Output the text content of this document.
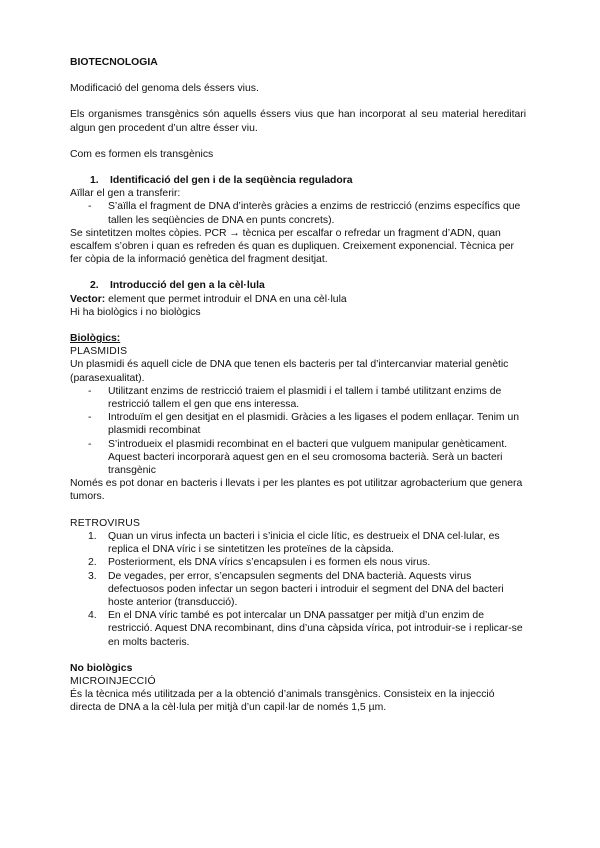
BIOTECNOLOGIA

Modificació del genoma dels éssers vius.

Els organismes transgènics són aquells éssers vius que han incorporat al seu material hereditari algun gen procedent d’un altre ésser viu.

Com es formen els transgènics

1.	Identificació del gen i de la seqüència reguladora

Aïllar el gen a transferir:

-	S’aïlla el fragment de DNA d’interès gràcies a enzims de restricció (enzims específics que tallen les seqüències de DNA en punts concrets).

Se sintetitzen moltes còpies. PCR → tècnica per escalfar o refredar un fragment d’ADN, quan escalfem s’obren i quan es refreden és quan es dupliquen. Creixement exponencial. Tècnica per fer còpia de la informació genètica del fragment desitjat.

2.	Introducció del gen a la cèl·lula

Vector: element que permet introduir el DNA en una cèl·lula

Hi ha biològics i no biològics

Biològics:

PLASMIDIS

Un plasmidi és aquell cicle de DNA que tenen els bacteris per tal d’intercanviar material genètic (parasexualitat).

-	Utilitzant enzims de restricció traiem el plasmidi i el tallem i també utilitzant enzims de restricció tallem el gen que ens interessa.
-	Introduïm el gen desitjat en el plasmidi. Gràcies a les ligases el podem enllaçar. Tenim un plasmidi recombinat
-	S’introdueix el plasmidi recombinat en el bacteri que vulguem manipular genèticament. Aquest bacteri incorporarà aquest gen en el seu cromosoma bacterià. Serà un bacteri transgènic

Només es pot donar en bacteris i llevats i per les plantes es pot utilitzar agrobacterium que genera tumors.

RETROVIRUS

1.	Quan un virus infecta un bacteri i s’inicia el cicle lític, es destrueix el DNA cel·lular, es replica el DNA víric i se sintetitzen les proteïnes de la càpsida.
2.	Posteriorment, els DNA vírics s’encapsulen i es formen els nous virus.
3.	De vegades, per error, s’encapsulen segments del DNA bacterià. Aquests virus defectuosos poden infectar un segon bacteri i introduir el segment del DNA del bacteri hoste anterior (transducció).
4.	En el DNA víric també es pot intercalar un DNA passatger per mitjà d’un enzim de restricció. Aquest DNA recombinant, dins d’una càpsida vírica, pot introduir-se i replicar-se en molts bacteris.

No biològics

MICROINJECCIÓ

És la tècnica més utilitzada per a la obtenció d’animals transgènics. Consisteix en la injecció directa de DNA a la cèl·lula per mitjà d’un capil·lar de només 1,5 µm.
